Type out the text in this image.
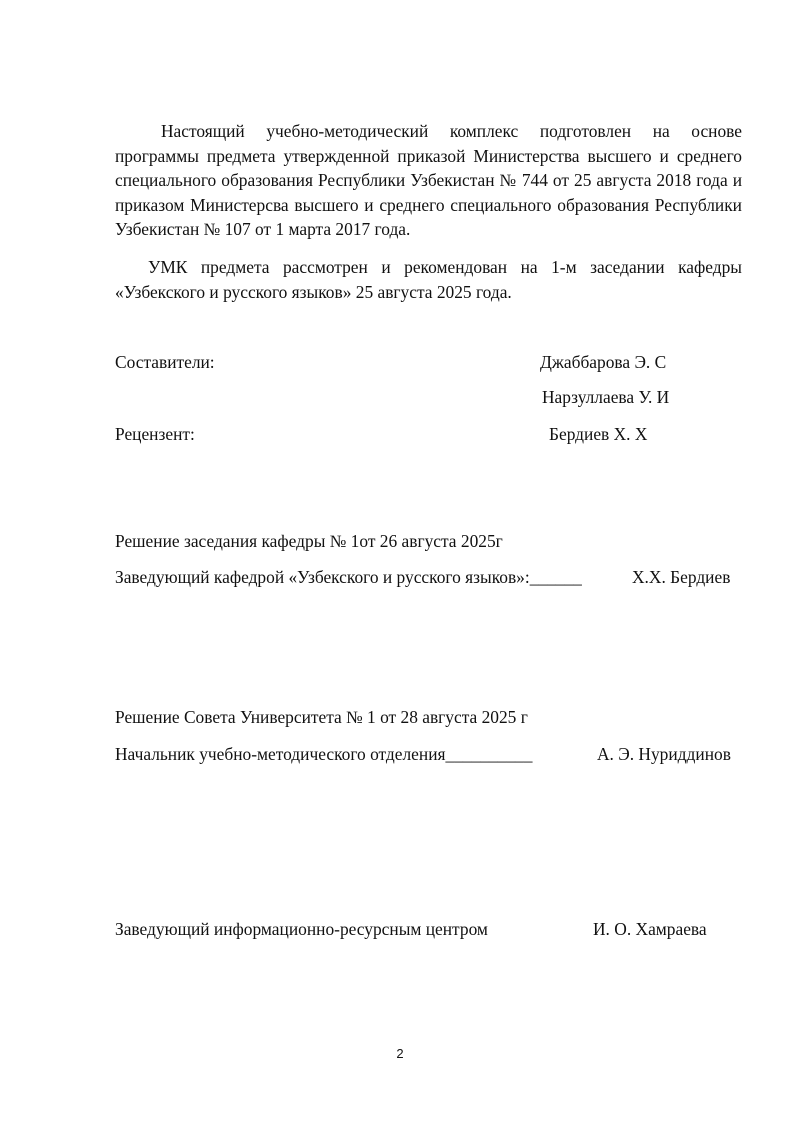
Настоящий учебно-методический комплекс подготовлен на основе программы предмета утвержденной приказой Министерства высшего и среднего специального образования Республики Узбекистан № 744 от 25 августа 2018 года и приказом Министерсва высшего и среднего специального образования Республики Узбекистан № 107 от 1 марта 2017 года.

УМК предмета рассмотрен и рекомендован на 1-м заседании кафедры «Узбекского и русского языков» 25 августа 2025 года.

Составители:	Джаббарова Э. С
Нарзуллаева У. И
Рецензент:	Бердиев Х. Х
Решение заседания кафедры № 1от 26 августа 2025г
Заведующий кафедрой «Узбекского и русского языков»:______	Х.Х. Бердиев
Решение Совета Университета № 1 от 28 августа 2025 г
Начальник учебно-методического отделения__________	А. Э. Нуриддинов
Заведующий информационно-ресурсным центром	И. О. Хамраева
2
